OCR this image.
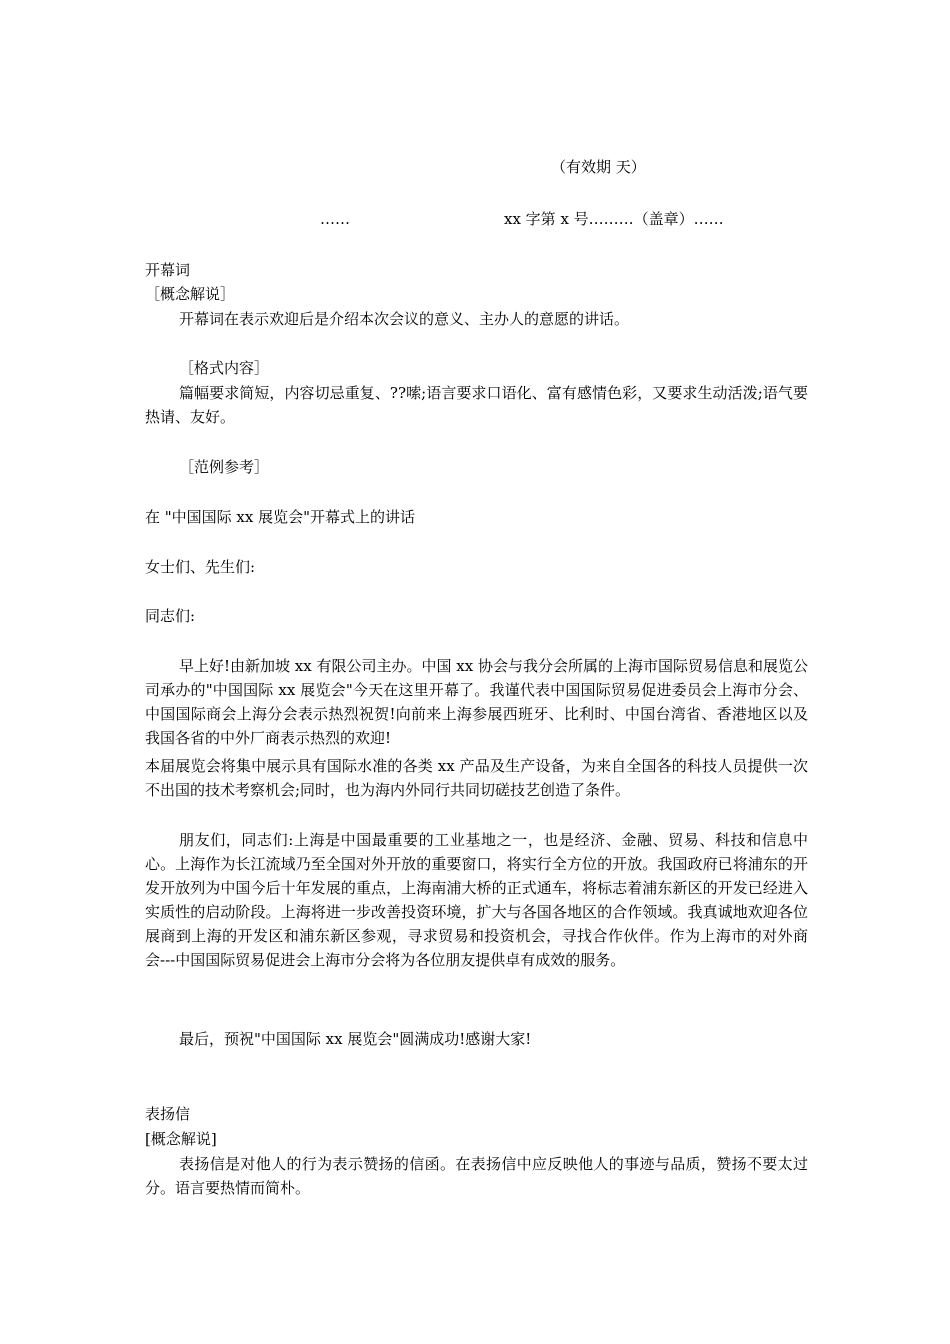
（有效期 天）
……	xx 字第 x 号………（盖章）……
开幕词
［概念解说］
开幕词在表示欢迎后是介绍本次会议的意义、主办人的意愿的讲话。
［格式内容］
篇幅要求简短，内容切忌重复、??嗦;语言要求口语化、富有感情色彩，又要求生动活泼;语气要热请、友好。
［范例参考］
在 "中国国际 xx 展览会"开幕式上的讲话
女士们、先生们:
同志们:
早上好!由新加坡 xx 有限公司主办。中国 xx 协会与我分会所属的上海市国际贸易信息和展览公司承办的"中国国际 xx 展览会"今天在这里开幕了。我谨代表中国国际贸易促进委员会上海市分会、中国国际商会上海分会表示热烈祝贺!向前来上海参展西班牙、比利时、中国台湾省、香港地区以及我国各省的中外厂商表示热烈的欢迎!
本届展览会将集中展示具有国际水准的各类 xx 产品及生产设备，为来自全国各的科技人员提供一次不出国的技术考察机会;同时，也为海内外同行共同切磋技艺创造了条件。
朋友们，同志们:上海是中国最重要的工业基地之一，也是经济、金融、贸易、科技和信息中心。上海作为长江流域乃至全国对外开放的重要窗口，将实行全方位的开放。我国政府已将浦东的开发开放列为中国今后十年发展的重点，上海南浦大桥的正式通车，将标志着浦东新区的开发已经进入实质性的启动阶段。上海将进一步改善投资环境，扩大与各国各地区的合作领域。我真诚地欢迎各位展商到上海的开发区和浦东新区参观，寻求贸易和投资机会，寻找合作伙伴。作为上海市的对外商会---中国国际贸易促进会上海市分会将为各位朋友提供卓有成效的服务。
最后，预祝"中国国际 xx 展览会"圆满成功!感谢大家!
表扬信
[概念解说]
表扬信是对他人的行为表示赞扬的信函。在表扬信中应反映他人的事迹与品质，赞扬不要太过分。语言要热情而简朴。
